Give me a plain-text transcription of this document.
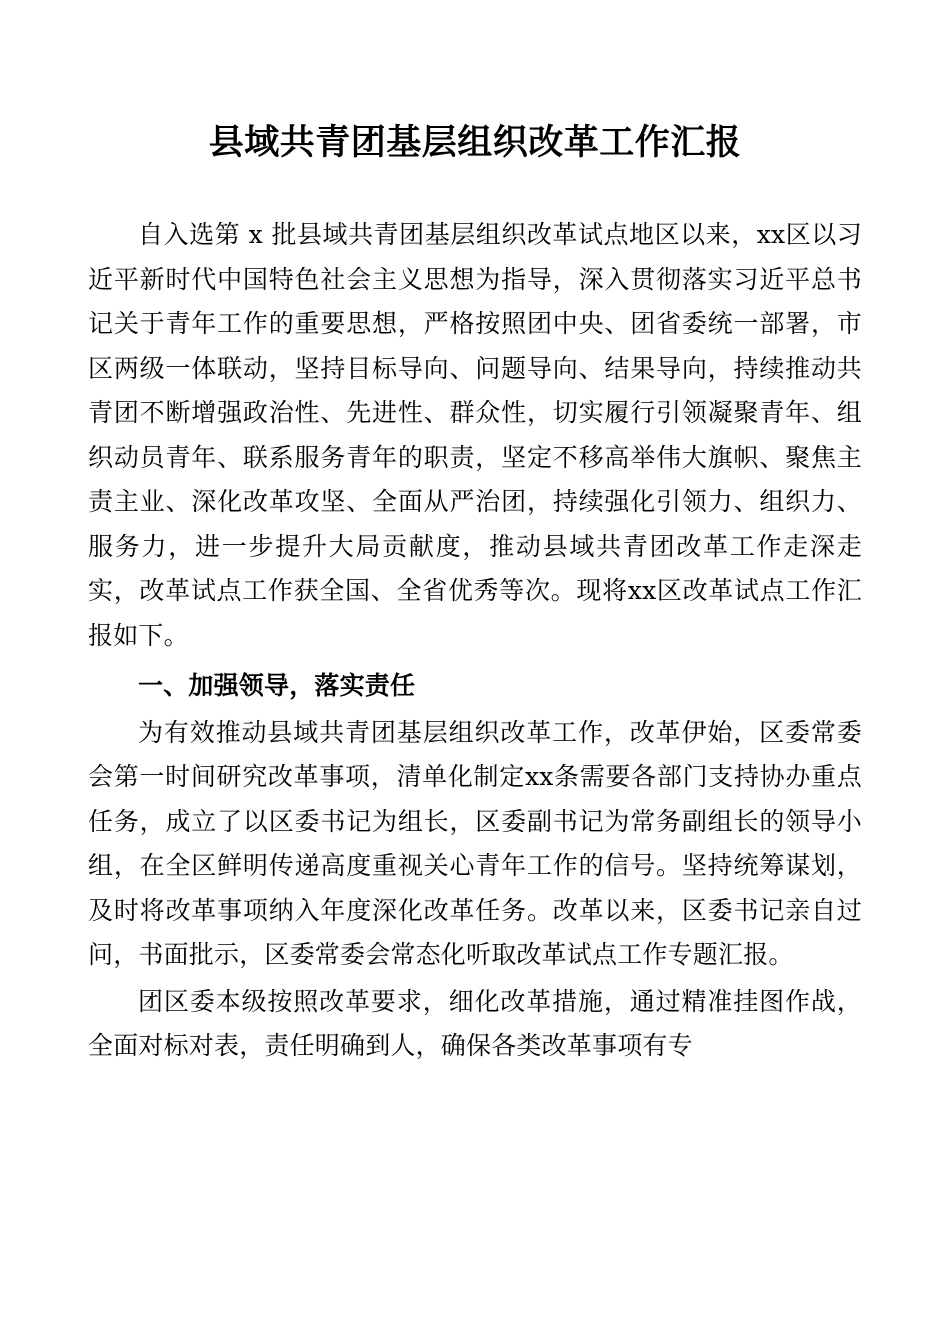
县域共青团基层组织改革工作汇报

自入选第 x 批县域共青团基层组织改革试点地区以来，xx区以习近平新时代中国特色社会主义思想为指导，深入贯彻落实习近平总书记关于青年工作的重要思想，严格按照团中央、团省委统一部署，市区两级一体联动，坚持目标导向、问题导向、结果导向，持续推动共青团不断增强政治性、先进性、群众性，切实履行引领凝聚青年、组织动员青年、联系服务青年的职责，坚定不移高举伟大旗帜、聚焦主责主业、深化改革攻坚、全面从严治团，持续强化引领力、组织力、服务力，进一步提升大局贡献度，推动县域共青团改革工作走深走实，改革试点工作获全国、全省优秀等次。现将xx区改革试点工作汇报如下。

一、加强领导，落实责任

为有效推动县域共青团基层组织改革工作，改革伊始，区委常委会第一时间研究改革事项，清单化制定xx条需要各部门支持协办重点任务，成立了以区委书记为组长，区委副书记为常务副组长的领导小组，在全区鲜明传递高度重视关心青年工作的信号。坚持统筹谋划，及时将改革事项纳入年度深化改革任务。改革以来，区委书记亲自过问，书面批示，区委常委会常态化听取改革试点工作专题汇报。

团区委本级按照改革要求，细化改革措施，通过精准挂图作战，全面对标对表，责任明确到人，确保各类改革事项有专
